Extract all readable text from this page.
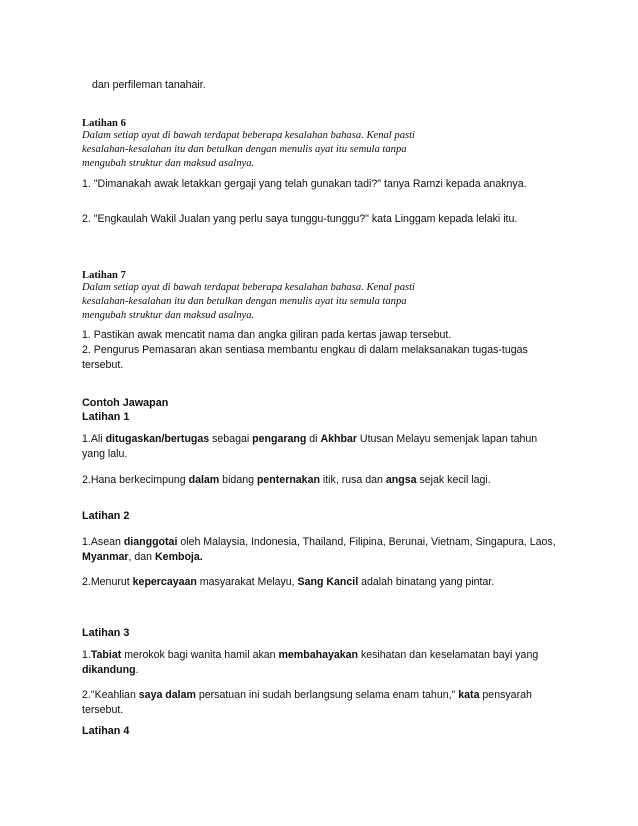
dan perfileman tanahair.
Latihan 6
Dalam setiap ayat di bawah terdapat beberapa kesalahan bahasa. Kenal pasti kesalahan-kesalahan itu dan betulkan dengan menulis ayat itu semula tanpa mengubah struktur dan maksud asalnya.
1. "Dimanakah awak letakkan gergaji yang telah gunakan tadi?" tanya Ramzi kepada anaknya.
2. "Engkaulah Wakil Jualan yang perlu saya tunggu-tunggu?" kata Linggam kepada lelaki itu.
Latihan 7
Dalam setiap ayat di bawah terdapat beberapa kesalahan bahasa. Kenal pasti kesalahan-kesalahan itu dan betulkan dengan menulis ayat itu semula tanpa mengubah struktur dan maksud asalnya.
1. Pastikan awak mencatit nama dan angka giliran pada kertas jawap tersebut.
2. Pengurus Pemasaran akan sentiasa membantu engkau di dalam melaksanakan tugas-tugas tersebut.
Contoh Jawapan
Latihan 1
1.Ali ditugaskan/bertugas sebagai pengarang di Akhbar Utusan Melayu semenjak lapan tahun yang lalu.
2.Hana berkecimpung dalam bidang penternakan itik, rusa dan angsa sejak kecil lagi.
Latihan 2
1.Asean dianggotai oleh Malaysia, Indonesia, Thailand, Filipina, Berunai, Vietnam, Singapura, Laos, Myanmar, dan Kemboja.
2.Menurut kepercayaan masyarakat Melayu, Sang Kancil adalah binatang yang pintar.
Latihan 3
1.Tabiat merokok bagi wanita hamil akan membahayakan kesihatan dan keselamatan bayi yang dikandung.
2."Keahlian saya dalam persatuan ini sudah berlangsung selama enam tahun," kata pensyarah tersebut.
Latihan 4
